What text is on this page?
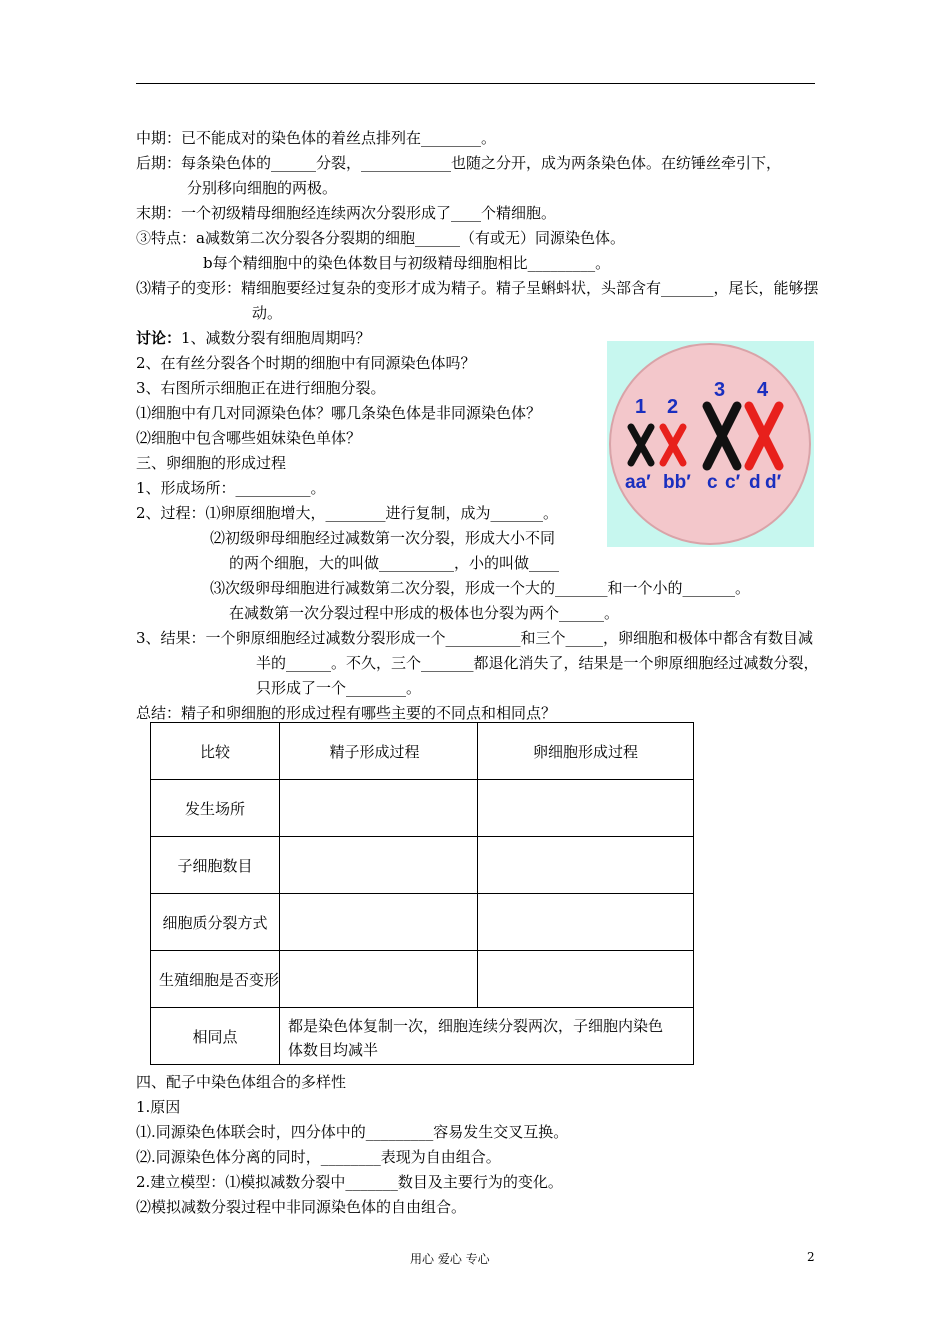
中期：已不能成对的染色体的着丝点排列在________。
后期：每条染色体的______分裂，____________也随之分开，成为两条染色体。在纺锤丝牵引下，
分别移向细胞的两极。
末期：一个初级精母细胞经连续两次分裂形成了____个精细胞。
③特点：a减数第二次分裂各分裂期的细胞______（有或无）同源染色体。
b每个精细胞中的染色体数目与初级精母细胞相比_________。
⑶精子的变形：精细胞要经过复杂的变形才成为精子。精子呈蝌蚪状，头部含有_______，尾长，能够摆
动。
讨论：1、减数分裂有细胞周期吗？
2、在有丝分裂各个时期的细胞中有同源染色体吗？
3、右图所示细胞正在进行细胞分裂。
⑴细胞中有几对同源染色体？哪几条染色体是非同源染色体？
⑵细胞中包含哪些姐妹染色单体？
三、卵细胞的形成过程
1、形成场所：__________。
2、过程：⑴卵原细胞增大，________进行复制，成为_______。
⑵初级卵母细胞经过减数第一次分裂，形成大小不同
的两个细胞，大的叫做__________，小的叫做____
⑶次级卵母细胞进行减数第二次分裂，形成一个大的_______和一个小的_______。
在减数第一次分裂过程中形成的极体也分裂为两个______。
3、结果：一个卵原细胞经过减数分裂形成一个__________和三个_____，卵细胞和极体中都含有数目减
半的______。不久，三个_______都退化消失了，结果是一个卵原细胞经过减数分裂，
只形成了一个________。
总结：精子和卵细胞的形成过程有哪些主要的不同点和相同点？
1 2
3 4
aa′ bb′ c c′ d d′
比较	精子形成过程	卵细胞形成过程
发生场所		
子细胞数目		
细胞质分裂方式		
生殖细胞是否变形		
相同点	都是染色体复制一次，细胞连续分裂两次，子细胞内染色
体数目均减半	
四、配子中染色体组合的多样性
1.原因
⑴.同源染色体联会时，四分体中的_________容易发生交叉互换。
⑵.同源染色体分离的同时，________表现为自由组合。
2.建立模型：⑴模拟减数分裂中_______数目及主要行为的变化。
⑵模拟减数分裂过程中非同源染色体的自由组合。
用心 爱心 专心	2
